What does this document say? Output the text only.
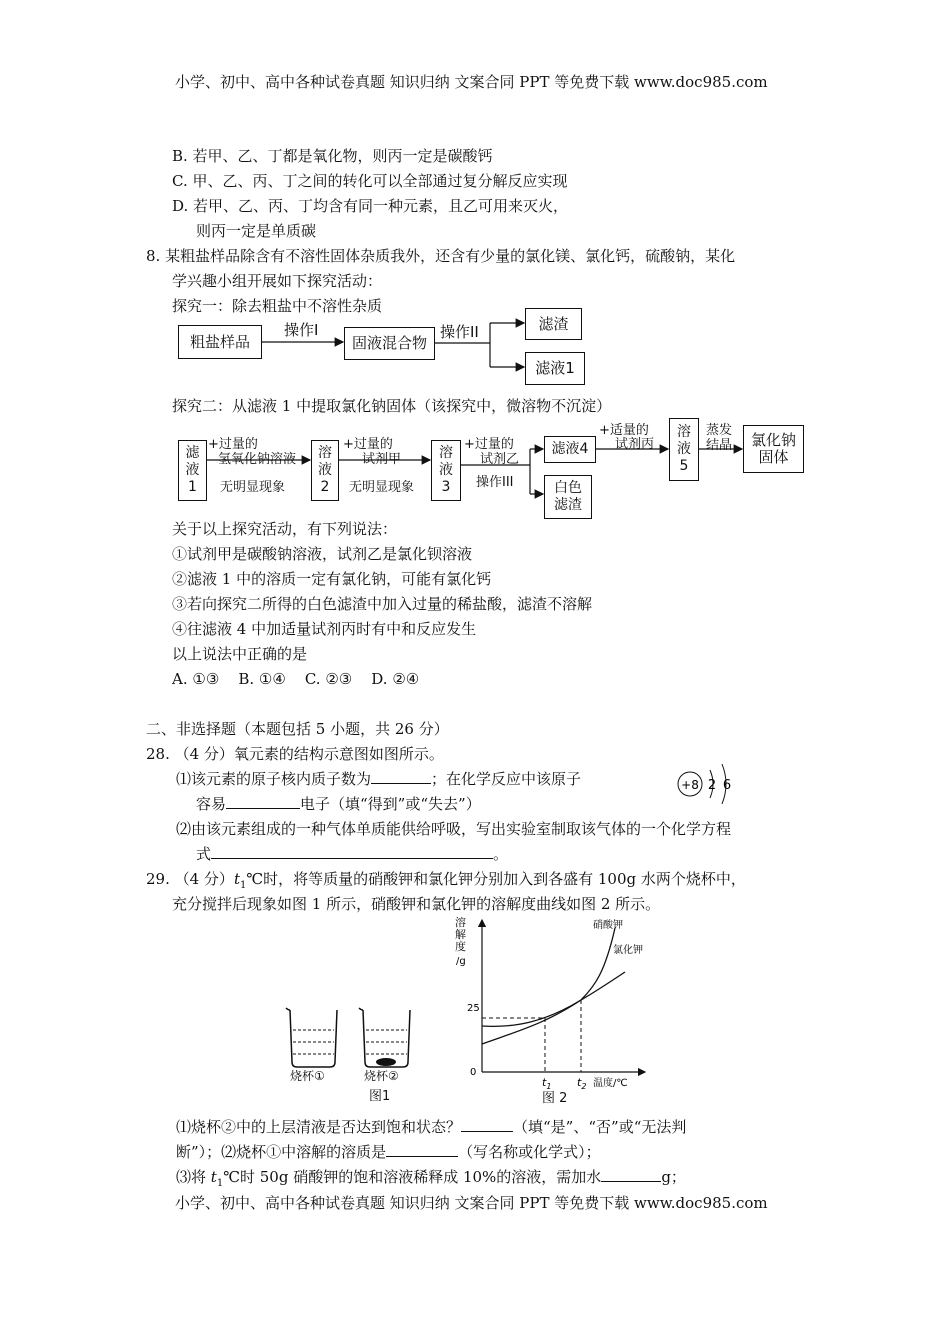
小学、初中、高中各种试卷真题 知识归纳 文案合同 PPT 等免费下载 www.doc985.com
B. 若甲、乙、丁都是氧化物，则丙一定是碳酸钙
C. 甲、乙、丙、丁之间的转化可以全部通过复分解反应实现
D. 若甲、乙、丙、丁均含有同一种元素，且乙可用来灭火，
则丙一定是单质碳
8. 某粗盐样品除含有不溶性固体杂质我外，还含有少量的氯化镁、氯化钙，硫酸钠，某化
学兴趣小组开展如下探究活动：
探究一：除去粗盐中不溶性杂质
粗盐样品
操作I
固液混合物
操作II	滤渣
滤液1
探究二：从滤液 1 中提取氯化钠固体（该探究中，微溶物不沉淀）
滤
液
1
+过量的
氢氧化钠溶液
无明显现象
溶
液
2
+过量的
试剂甲
无明显现象
溶
液
3
+过量的
试剂乙
操作III
滤液4
白色
滤渣
+适量的
试剂丙
溶
液
5
蒸发
结晶 氯化钠
固体
关于以上探究活动，有下列说法：
①试剂甲是碳酸钠溶液，试剂乙是氯化钡溶液
②滤液 1 中的溶质一定有氯化钠，可能有氯化钙
③若向探究二所得的白色滤渣中加入过量的稀盐酸，滤渣不溶解
④往滤液 4 中加适量试剂丙时有中和反应发生
以上说法中正确的是
A. ①③    B. ①④    C. ②③    D. ②④
二、非选择题（本题包括 5 小题，共 26 分）
28. （4 分）氧元素的结构示意图如图所示。
⑴该元素的原子核内质子数为	；在化学反应中该原子
容易	电子（填“得到”或“失去”）
+8 2 6
⑵由该元素组成的一种气体单质能供给呼吸，写出实验室制取该气体的一个化学方程
式	。
29. （4 分）$t_1℃$时，将等质量的硝酸钾和氯化钾分别加入到各盛有 100g 水两个烧杯中，
充分搅拌后现象如图 1 所示，硝酸钾和氯化钾的溶解度曲线如图 2 所示。
烧杯①	烧杯②
图1
溶
解
度
/g
硝酸钾
氯化钾
25
0
$t_1$ $t_2$ 温度/℃
图 2
⑴烧杯②中的上层清液是否达到饱和状态？	（填“是”、“否”或“无法判
断”）；⑵烧杯①中溶解的溶质是	（写名称或化学式）；
⑶将 $t_1℃$时 50g 硝酸钾的饱和溶液稀释成 10%的溶液，需加水	g；
小学、初中、高中各种试卷真题 知识归纳 文案合同 PPT 等免费下载 www.doc985.com
